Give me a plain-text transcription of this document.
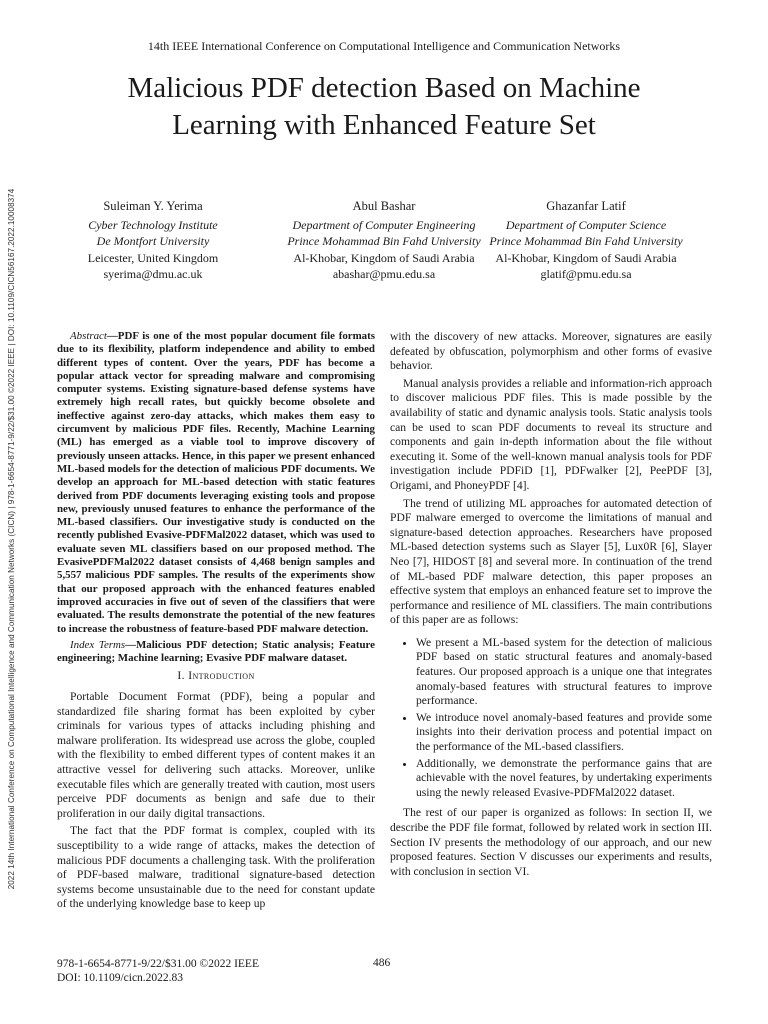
2022 14th International Conference on Computational Intelligence and Communication Networks (CICN) | 978-1-6654-8771-9/22/$31.00 ©2022 IEEE | DOI: 10.1109/CICN56167.2022.10008374
14th IEEE International Conference on Computational Intelligence and Communication Networks
Malicious PDF detection Based on Machine Learning with Enhanced Feature Set
Suleiman Y. Yerima
Cyber Technology Institute
De Montfort University
Leicester, United Kingdom
syerima@dmu.ac.uk
Abul Bashar
Department of Computer Engineering
Prince Mohammad Bin Fahd University
Al-Khobar, Kingdom of Saudi Arabia
abashar@pmu.edu.sa
Ghazanfar Latif
Department of Computer Science
Prince Mohammad Bin Fahd University
Al-Khobar, Kingdom of Saudi Arabia
glatif@pmu.edu.sa

Abstract—PDF is one of the most popular document file formats due to its flexibility, platform independence and ability to embed different types of content. Over the years, PDF has become a popular attack vector for spreading malware and compromising computer systems. Existing signature-based defense systems have extremely high recall rates, but quickly become obsolete and ineffective against zero-day attacks, which makes them easy to circumvent by malicious PDF files. Recently, Machine Learning (ML) has emerged as a viable tool to improve discovery of previously unseen attacks. Hence, in this paper we present enhanced ML-based models for the detection of malicious PDF documents. We develop an approach for ML-based detection with static features derived from PDF documents leveraging existing tools and propose new, previously unused features to enhance the performance of the ML-based classifiers. Our investigative study is conducted on the recently published Evasive-PDFMal2022 dataset, which was used to evaluate seven ML classifiers based on our proposed method. The EvasivePDFMal2022 dataset consists of 4,468 benign samples and 5,557 malicious PDF samples. The results of the experiments show that our proposed approach with the enhanced features enabled improved accuracies in five out of seven of the classifiers that were evaluated. The results demonstrate the potential of the new features to increase the robustness of feature-based PDF malware detection.

Index Terms—Malicious PDF detection; Static analysis; Feature engineering; Machine learning; Evasive PDF malware dataset.

I. Introduction

Portable Document Format (PDF), being a popular and standardized file sharing format has been exploited by cyber criminals for various types of attacks including phishing and malware proliferation. Its widespread use across the globe, coupled with the flexibility to embed different types of content makes it an attractive vessel for delivering such attacks. Moreover, unlike executable files which are generally treated with caution, most users perceive PDF documents as benign and safe due to their proliferation in our daily digital transactions.

The fact that the PDF format is complex, coupled with its susceptibility to a wide range of attacks, makes the detection of malicious PDF documents a challenging task. With the proliferation of PDF-based malware, traditional signature-based detection systems become unsustainable due to the need for constant update of the underlying knowledge base to keep up

with the discovery of new attacks. Moreover, signatures are easily defeated by obfuscation, polymorphism and other forms of evasive behavior.

Manual analysis provides a reliable and information-rich approach to discover malicious PDF files. This is made possible by the availability of static and dynamic analysis tools. Static analysis tools can be used to scan PDF documents to reveal its structure and components and gain in-depth information about the file without executing it. Some of the well-known manual analysis tools for PDF investigation include PDFiD [1], PDFwalker [2], PeePDF [3], Origami, and PhoneyPDF [4].

The trend of utilizing ML approaches for automated detection of PDF malware emerged to overcome the limitations of manual and signature-based detection approaches. Researchers have proposed ML-based detection systems such as Slayer [5], Lux0R [6], Slayer Neo [7], HIDOST [8] and several more. In continuation of the trend of ML-based PDF malware detection, this paper proposes an effective system that employs an enhanced feature set to improve the performance and resilience of ML classifiers. The main contributions of this paper are as follows:

• We present a ML-based system for the detection of malicious PDF based on static structural features and anomaly-based features. Our proposed approach is a unique one that integrates anomaly-based features with structural features to improve performance.
• We introduce novel anomaly-based features and provide some insights into their derivation process and potential impact on the performance of the ML-based classifiers.
• Additionally, we demonstrate the performance gains that are achievable with the novel features, by undertaking experiments using the newly released Evasive-PDFMal2022 dataset.

The rest of our paper is organized as follows: In section II, we describe the PDF file format, followed by related work in section III. Section IV presents the methodology of our approach, and our new proposed features. Section V discusses our experiments and results, with conclusion in section VI.

978-1-6654-8771-9/22/$31.00 ©2022 IEEE
DOI: 10.1109/cicn.2022.83
486
